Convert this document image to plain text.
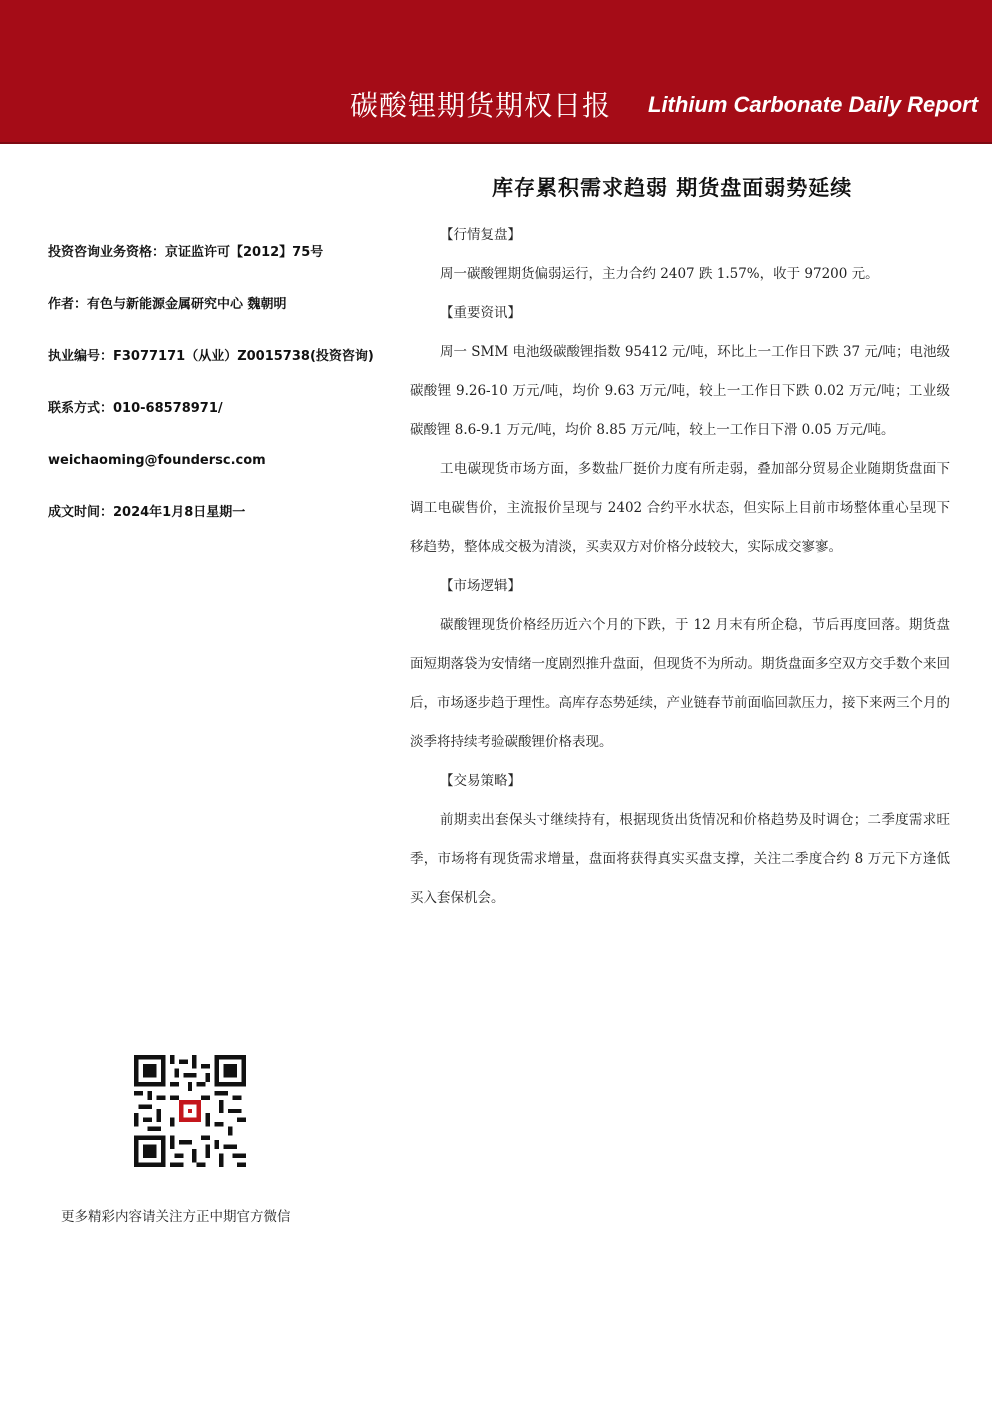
碳酸锂期货期权日报 Lithium Carbonate Daily Report
库存累积需求趋弱 期货盘面弱势延续
投资咨询业务资格：京证监许可【2012】75号
作者：有色与新能源金属研究中心 魏朝明
执业编号：F3077171（从业）Z0015738(投资咨询)
联系方式：010-68578971/
weichaoming@foundersc.com
成文时间：2024年1月8日星期一
【行情复盘】

周一碳酸锂期货偏弱运行，主力合约 2407 跌 1.57%，收于 97200 元。

【重要资讯】

周一 SMM 电池级碳酸锂指数 95412 元/吨，环比上一工作日下跌 37 元/吨；电池级碳酸锂 9.26-10 万元/吨，均价 9.63 万元/吨，较上一工作日下跌 0.02 万元/吨；工业级碳酸锂 8.6-9.1 万元/吨，均价 8.85 万元/吨，较上一工作日下滑 0.05 万元/吨。

工电碳现货市场方面，多数盐厂挺价力度有所走弱，叠加部分贸易企业随期货盘面下调工电碳售价，主流报价呈现与 2402 合约平水状态，但实际上目前市场整体重心呈现下移趋势，整体成交极为清淡，买卖双方对价格分歧较大，实际成交寥寥。

【市场逻辑】

碳酸锂现货价格经历近六个月的下跌，于 12 月末有所企稳，节后再度回落。期货盘面短期落袋为安情绪一度剧烈推升盘面，但现货不为所动。期货盘面多空双方交手数个来回后，市场逐步趋于理性。高库存态势延续，产业链春节前面临回款压力，接下来两三个月的淡季将持续考验碳酸锂价格表现。

【交易策略】

前期卖出套保头寸继续持有，根据现货出货情况和价格趋势及时调仓；二季度需求旺季，市场将有现货需求增量，盘面将获得真实买盘支撑，关注二季度合约 8 万元下方逢低买入套保机会。

更多精彩内容请关注方正中期官方微信
